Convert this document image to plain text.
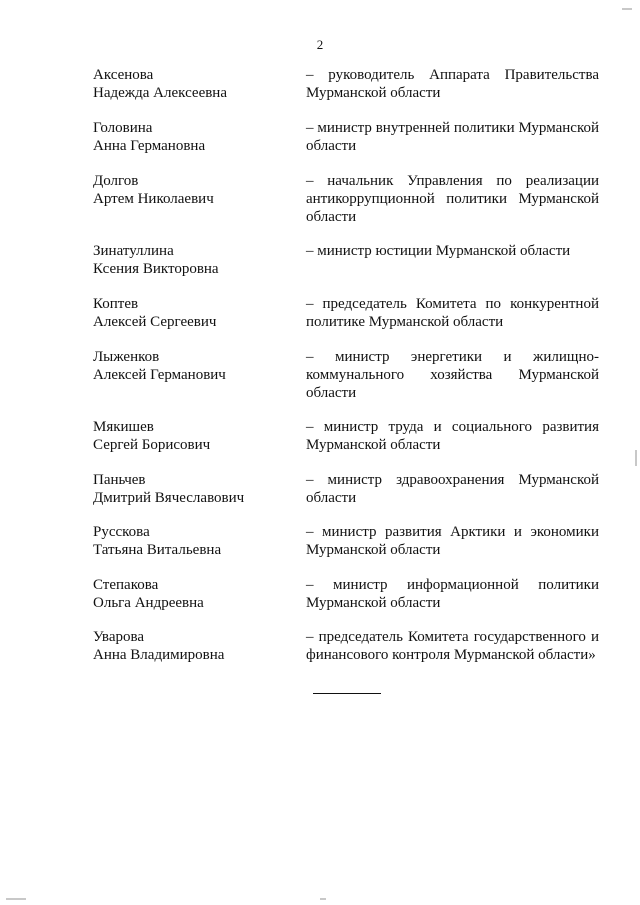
2
Аксенова
Надежда Алексеевна
– руководитель Аппарата Правительства Мурманской области
Головина
Анна Германовна
– министр внутренней политики Мурманской области
Долгов
Артем Николаевич
– начальник Управления по реализации антикоррупционной политики Мурманской области
Зинатуллина
Ксения Викторовна
– министр юстиции Мурманской области
Коптев
Алексей Сергеевич
– председатель Комитета по конкурентной политике Мурманской области
Лыженков
Алексей Германович
– министр энергетики и жилищно-коммунального хозяйства Мурманской области
Мякишев
Сергей Борисович
– министр труда и социального развития Мурманской области
Паньчев
Дмитрий Вячеславович
– министр здравоохранения Мурманской области
Русскова
Татьяна Витальевна
– министр развития Арктики и экономики Мурманской области
Степакова
Ольга Андреевна
– министр информационной политики Мурманской области
Уварова
Анна Владимировна
– председатель Комитета государственного и финансового контроля Мурманской области»
